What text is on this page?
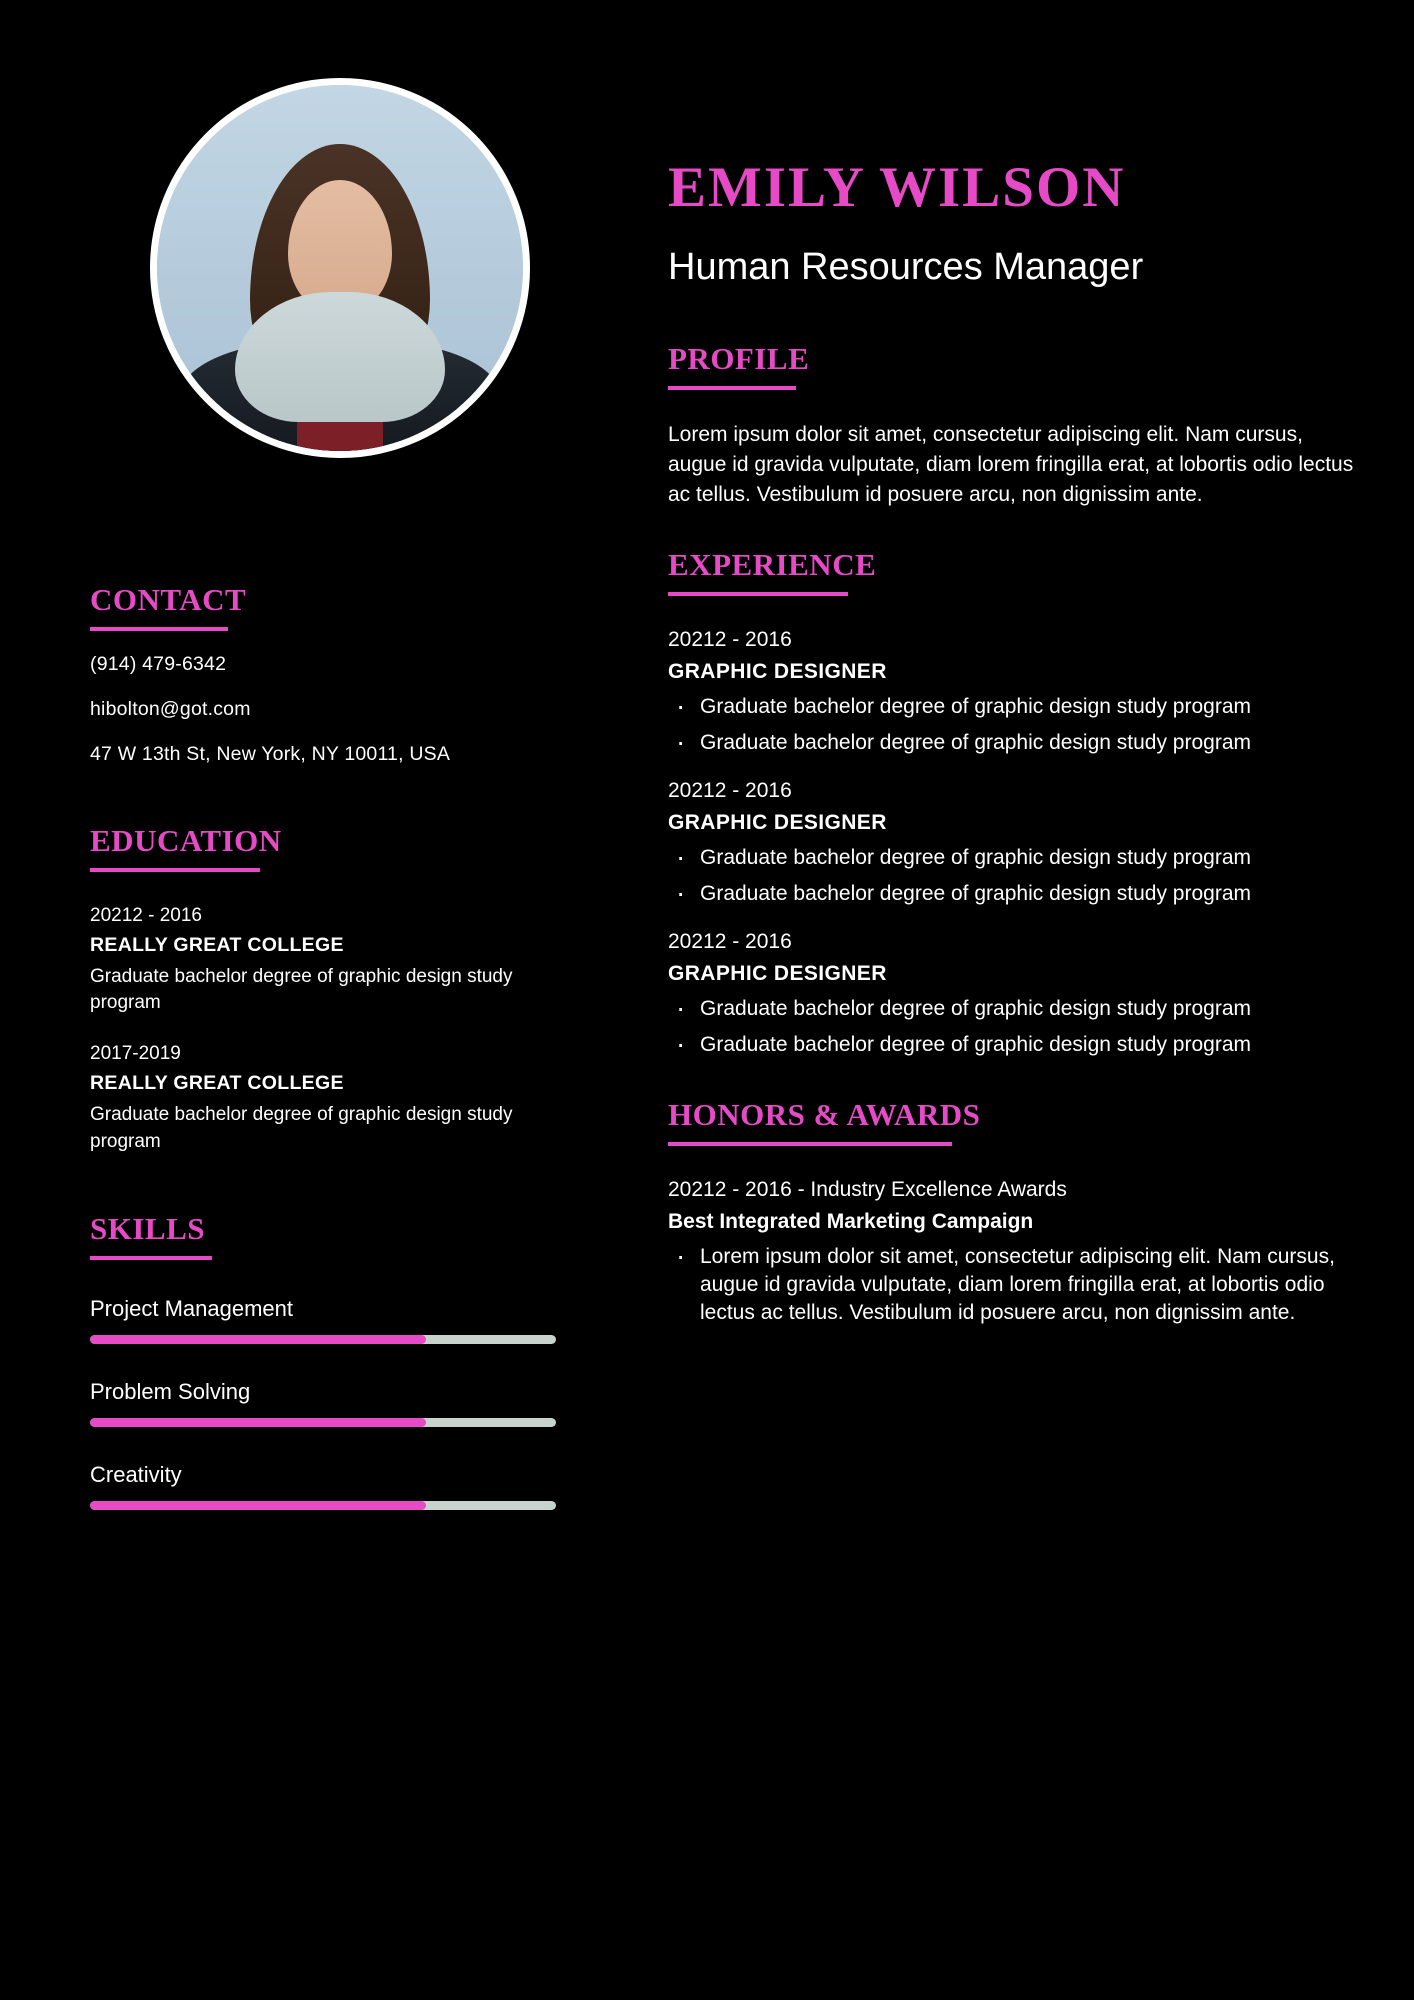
CONTACT
(914) 479-6342
hibolton@got.com
47 W 13th St, New York, NY 10011, USA
EDUCATION
20212 - 2016
REALLY GREAT COLLEGE
Graduate bachelor degree of graphic design study program
2017-2019
REALLY GREAT COLLEGE
Graduate bachelor degree of graphic design study program
SKILLS
Project Management
Problem Solving
Creativity
EMILY WILSON
Human Resources Manager
PROFILE

Lorem ipsum dolor sit amet, consectetur adipiscing elit. Nam cursus, augue id gravida vulputate, diam lorem fringilla erat, at lobortis odio lectus ac tellus. Vestibulum id posuere arcu, non dignissim ante.

EXPERIENCE
20212 - 2016
GRAPHIC DESIGNER
· Graduate bachelor degree of graphic design study program
· Graduate bachelor degree of graphic design study program
20212 - 2016
GRAPHIC DESIGNER
· Graduate bachelor degree of graphic design study program
· Graduate bachelor degree of graphic design study program
20212 - 2016
GRAPHIC DESIGNER
· Graduate bachelor degree of graphic design study program
· Graduate bachelor degree of graphic design study program
HONORS & AWARDS
20212 - 2016 - Industry Excellence Awards
Best Integrated Marketing Campaign
· Lorem ipsum dolor sit amet, consectetur adipiscing elit. Nam cursus, augue id gravida vulputate, diam lorem fringilla erat, at lobortis odio lectus ac tellus. Vestibulum id posuere arcu, non dignissim ante.
